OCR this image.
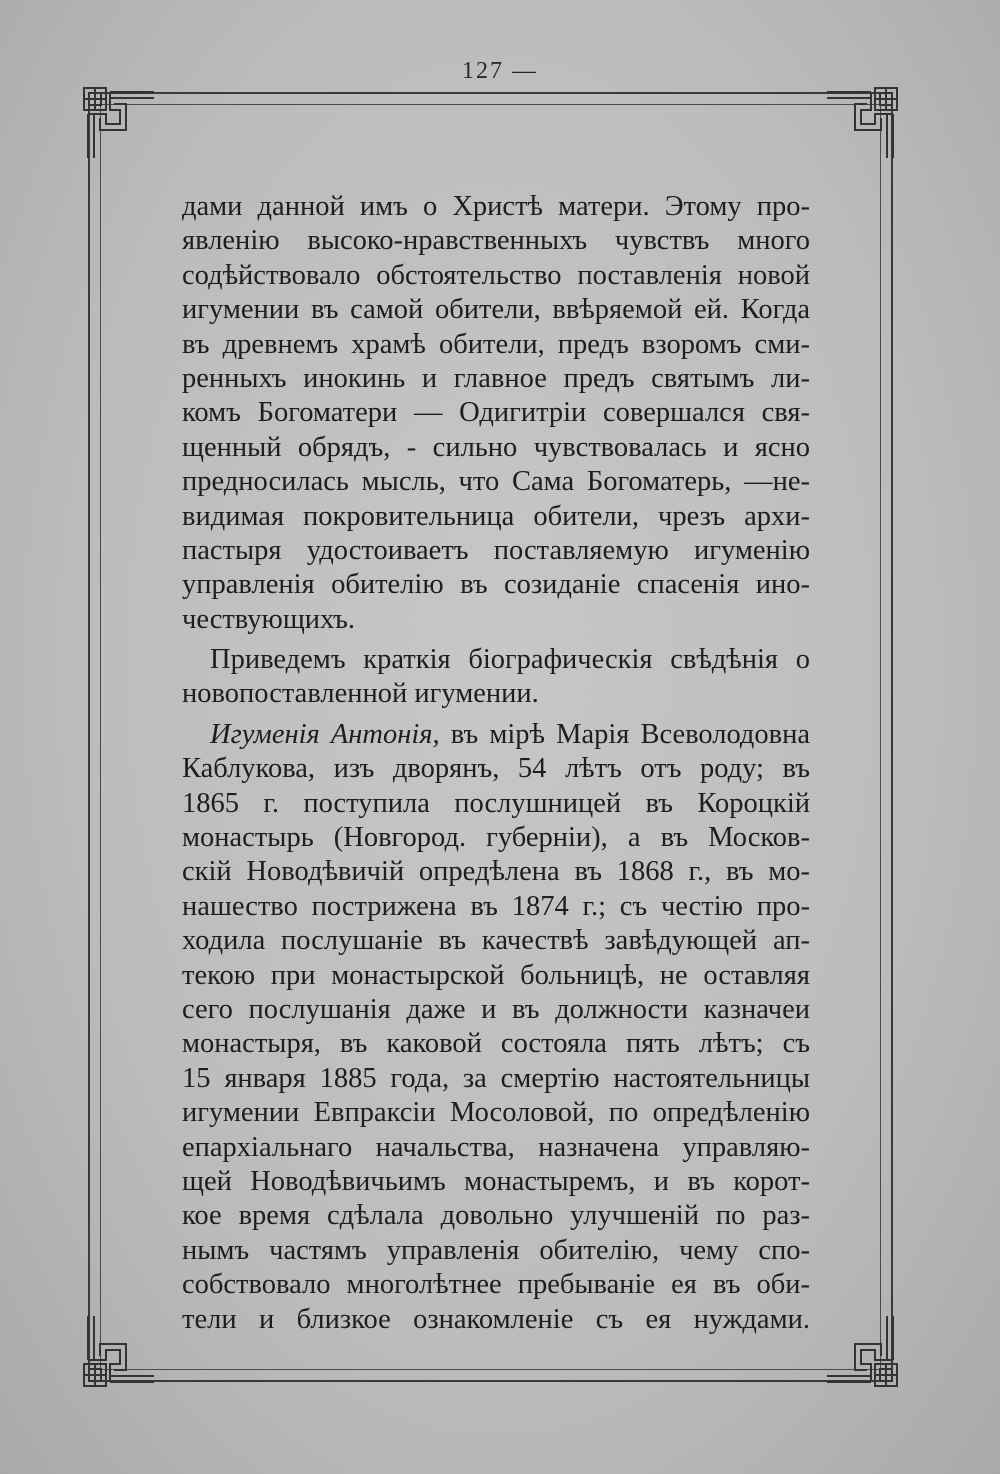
127 —
дами данной имъ о Христѣ матери. Этому про-
явленію высоко-нравственныхъ чувствъ много
содѣйствовало обстоятельство поставленія новой
игумении въ самой обители, ввѣряемой ей. Когда
въ древнемъ храмѣ обители, предъ взоромъ сми-
ренныхъ инокинь и главное предъ святымъ ли-
комъ Богоматери — Одигитріи совершался свя-
щенный обрядъ, - сильно чувствовалась и ясно
предносилась мысль, что Сама Богоматерь, —не-
видимая покровительница обители, чрезъ архи-
пастыря удостоиваетъ поставляемую игуменію
управленія обителію въ созиданіе спасенія ино-
чествующихъ.
Приведемъ краткія біографическія свѣдѣнія о
новопоставленной игумении.
Игуменія Антонія, въ мірѣ Марія Всеволодовна
Каблукова, изъ дворянъ, 54 лѣтъ отъ роду; въ
1865 г. поступила послушницей въ Короцкій
монастырь (Новгород. губерніи), а въ Москов-
скій Новодѣвичій опредѣлена въ 1868 г., въ мо-
нашество пострижена въ 1874 г.; съ честію про-
ходила послушаніе въ качествѣ завѣдующей ап-
текою при монастырской больницѣ, не оставляя
сего послушанія даже и въ должности казначеи
монастыря, въ каковой состояла пять лѣтъ; съ
15 января 1885 года, за смертію настоятельницы
игумении Евпраксіи Мосоловой, по опредѣленію
епархіальнаго начальства, назначена управляю-
щей Новодѣвичьимъ монастыремъ, и въ корот-
кое время сдѣлала довольно улучшеній по раз-
нымъ частямъ управленія обителію, чему спо-
собствовало многолѣтнее пребываніе ея въ оби-
тели и близкое ознакомленіе съ ея нуждами.
